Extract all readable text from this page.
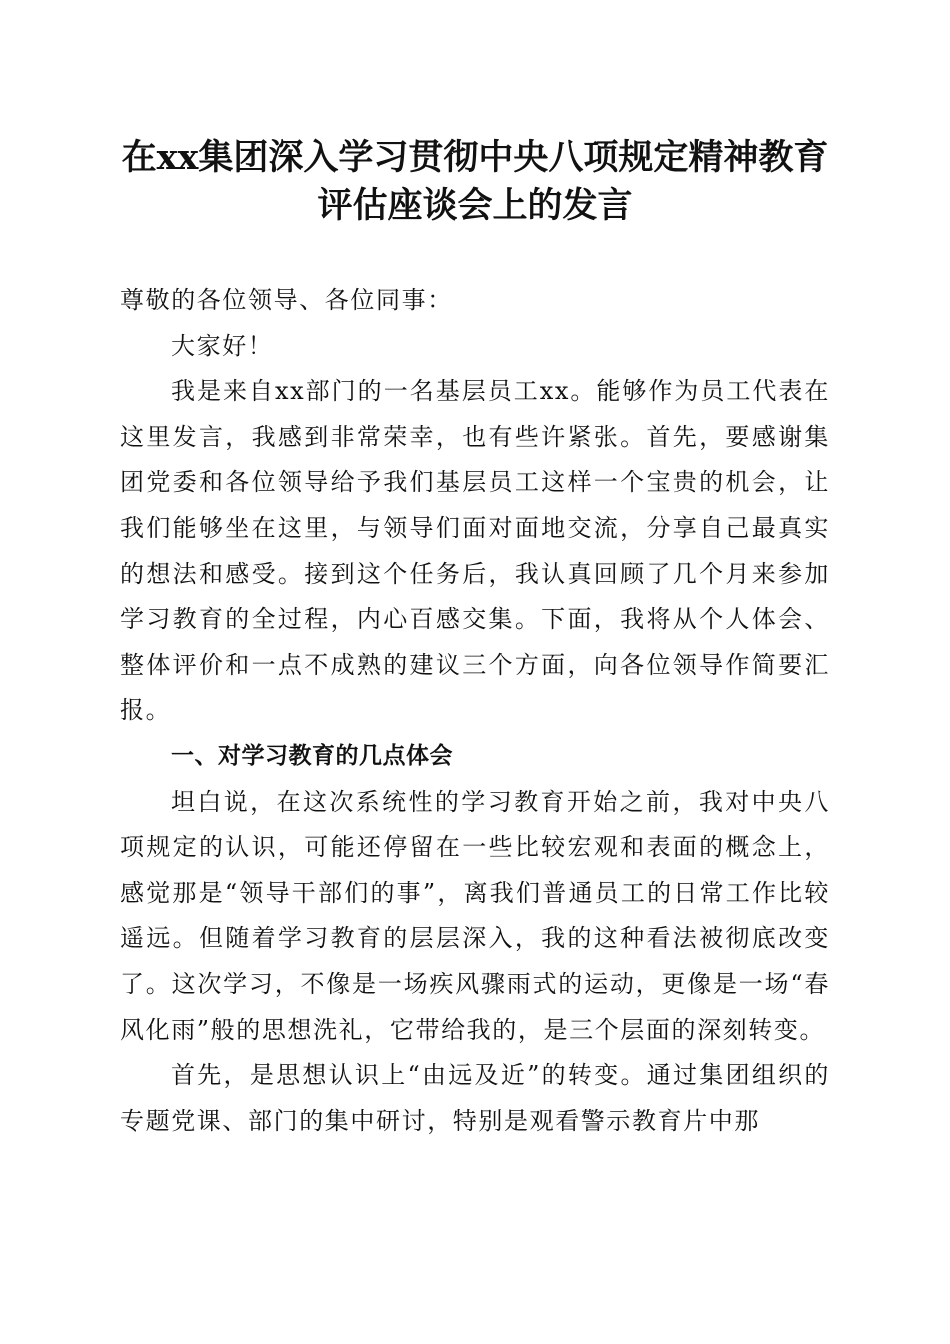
在xx集团深入学习贯彻中央八项规定精神教育评估座谈会上的发言

尊敬的各位领导、各位同事：

大家好！

我是来自xx部门的一名基层员工xx。能够作为员工代表在这里发言，我感到非常荣幸，也有些许紧张。首先，要感谢集团党委和各位领导给予我们基层员工这样一个宝贵的机会，让我们能够坐在这里，与领导们面对面地交流，分享自己最真实的想法和感受。接到这个任务后，我认真回顾了几个月来参加学习教育的全过程，内心百感交集。下面，我将从个人体会、整体评价和一点不成熟的建议三个方面，向各位领导作简要汇报。

一、对学习教育的几点体会

坦白说，在这次系统性的学习教育开始之前，我对中央八项规定的认识，可能还停留在一些比较宏观和表面的概念上，感觉那是“领导干部们的事”，离我们普通员工的日常工作比较遥远。但随着学习教育的层层深入，我的这种看法被彻底改变了。这次学习，不像是一场疾风骤雨式的运动，更像是一场“春风化雨”般的思想洗礼，它带给我的，是三个层面的深刻转变。

首先，是思想认识上“由远及近”的转变。通过集团组织的专题党课、部门的集中研讨，特别是观看警示教育片中那
